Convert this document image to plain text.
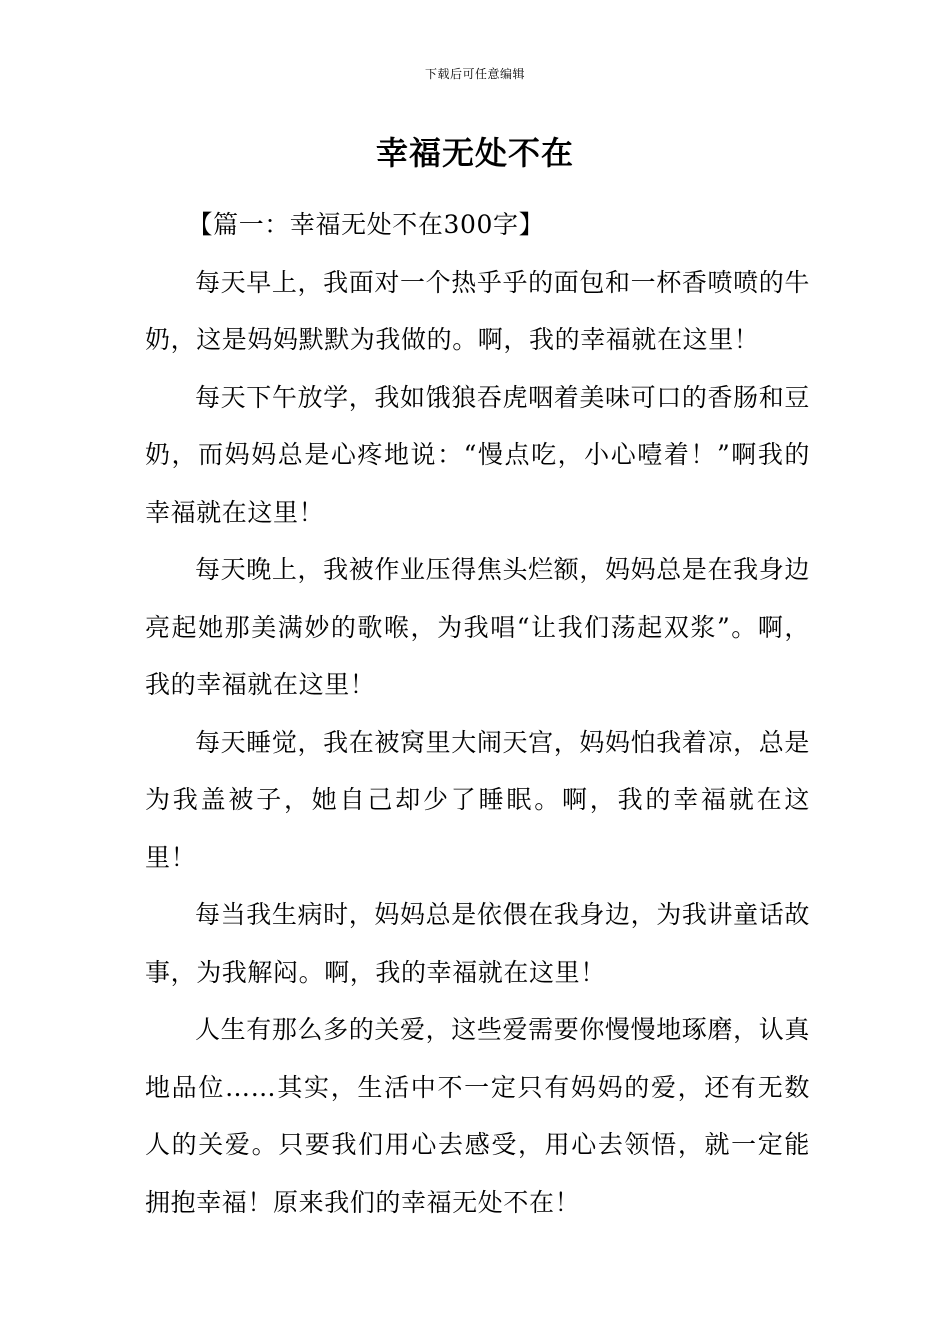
下载后可任意编辑
幸福无处不在

【篇一：幸福无处不在300字】

每天早上，我面对一个热乎乎的面包和一杯香喷喷的牛奶，这是妈妈默默为我做的。啊，我的幸福就在这里！

每天下午放学，我如饿狼吞虎咽着美味可口的香肠和豆奶，而妈妈总是心疼地说：“慢点吃，小心噎着！”啊我的幸福就在这里！

每天晚上，我被作业压得焦头烂额，妈妈总是在我身边亮起她那美满妙的歌喉，为我唱“让我们荡起双浆”。啊，我的幸福就在这里！

每天睡觉，我在被窝里大闹天宫，妈妈怕我着凉，总是为我盖被子，她自己却少了睡眠。啊，我的幸福就在这里！

每当我生病时，妈妈总是依偎在我身边，为我讲童话故事，为我解闷。啊，我的幸福就在这里！

人生有那么多的关爱，这些爱需要你慢慢地琢磨，认真地品位……其实，生活中不一定只有妈妈的爱，还有无数人的关爱。只要我们用心去感受，用心去领悟，就一定能拥抱幸福！原来我们的幸福无处不在！
